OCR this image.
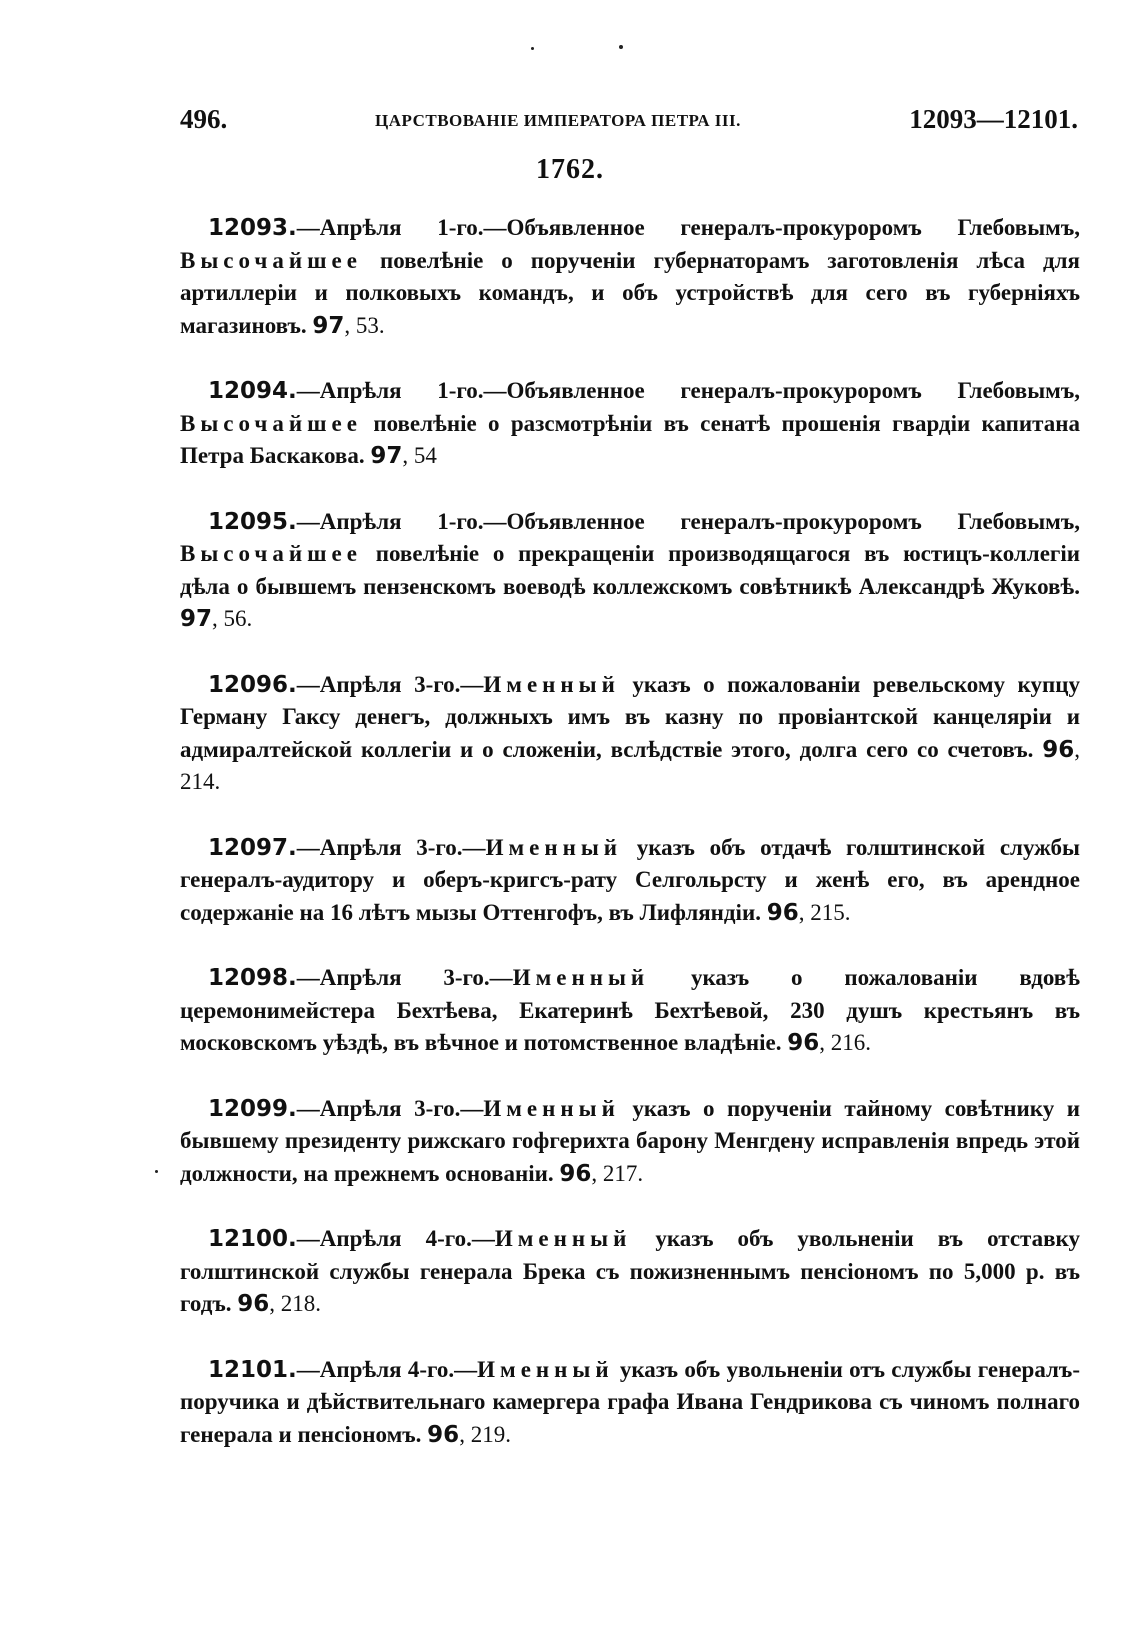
496.	ЦАРСТВОВАНІЕ ИМПЕРАТОРА ПЕТРА III.	12093—12101.
1762.

12093.—Апрѣля 1-го.—Объявленное генералъ-прокуроромъ Глебовымъ, Высочайшее повелѣніе о порученіи губернаторамъ заготовленія лѣса для артиллеріи и полковыхъ командъ, и объ устройствѣ для сего въ губерніяхъ магазиновъ. 97, 53.

12094.—Апрѣля 1-го.—Объявленное генералъ-прокуроромъ Глебовымъ, Высочайшее повелѣніе о разсмотрѣніи въ сенатѣ прошенія гвардіи капитана Петра Баскакова. 97, 54

12095.—Апрѣля 1-го.—Объявленное генералъ-прокуроромъ Глебовымъ, Высочайшее повелѣніе о прекращеніи производящагося въ юстицъ-коллегіи дѣла о бывшемъ пензенскомъ воеводѣ коллежскомъ совѣтникѣ Александрѣ Жуковѣ. 97, 56.

12096.—Апрѣля 3-го.—Именный указъ о пожалованіи ревельскому купцу Герману Гаксу денегъ, должныхъ имъ въ казну по провіантской канцеляріи и адмиралтейской коллегіи и о сложеніи, вслѣдствіе этого, долга сего со счетовъ. 96, 214.

12097.—Апрѣля 3-го.—Именный указъ объ отдачѣ голштинской службы генералъ-аудитору и оберъ-кригсъ-рату Селгольрсту и женѣ его, въ арендное содержаніе на 16 лѣтъ мызы Оттенгофъ, въ Лифляндіи. 96, 215.

12098.—Апрѣля 3-го.—Именный указъ о пожалованіи вдовѣ церемонимейстера Бехтѣева, Екатеринѣ Бехтѣевой, 230 душъ крестьянъ въ московскомъ уѣздѣ, въ вѣчное и потомственное владѣніе. 96, 216.

12099.—Апрѣля 3-го.—Именный указъ о порученіи тайному совѣтнику и бывшему президенту рижскаго гофгерихта барону Менгдену исправленія впредь этой должности, на прежнемъ основаніи. 96, 217.

12100.—Апрѣля 4-го.—Именный указъ объ увольненіи въ отставку голштинской службы генерала Брека съ пожизненнымъ пенсіономъ по 5,000 р. въ годъ. 96, 218.

12101.—Апрѣля 4-го.—Именный указъ объ увольненіи отъ службы генералъ-поручика и дѣйствительнаго камергера графа Ивана Гендрикова съ чиномъ полнаго генерала и пенсіономъ. 96, 219.
